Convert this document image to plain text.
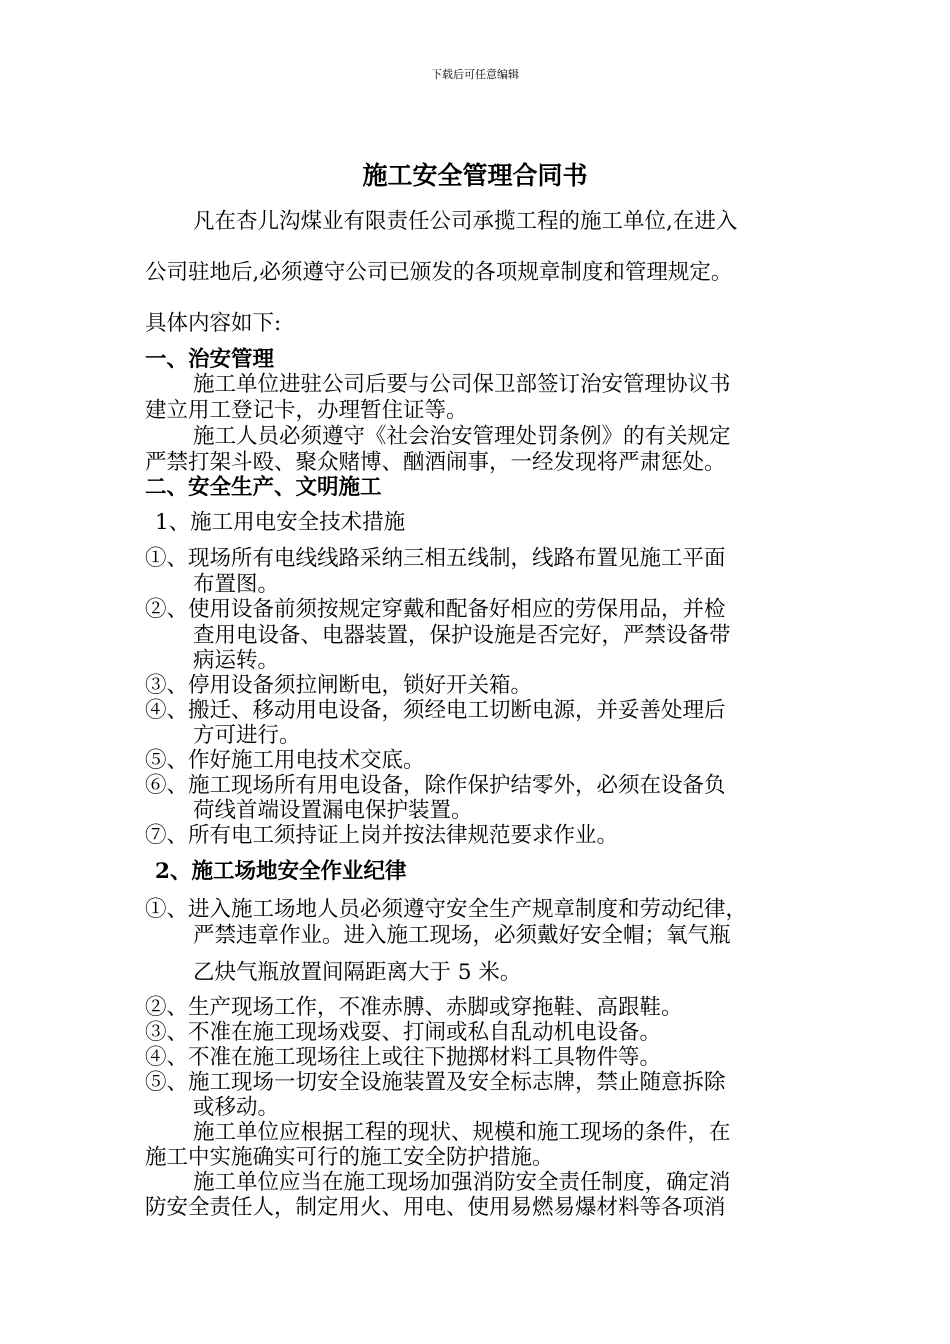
下载后可任意编辑
施工安全管理合同书
凡在杏儿沟煤业有限责任公司承揽工程的施工单位,在进入
公司驻地后,必须遵守公司已颁发的各项规章制度和管理规定。
具体内容如下:
一、治安管理
施工单位进驻公司后要与公司保卫部签订治安管理协议书
建立用工登记卡，办理暂住证等。
施工人员必须遵守《社会治安管理处罚条例》的有关规定
严禁打架斗殴、聚众赌博、酗酒闹事，一经发现将严肃惩处。
二、安全生产、文明施工
1、施工用电安全技术措施
①、现场所有电线线路采纳三相五线制，线路布置见施工平面
布置图。
②、使用设备前须按规定穿戴和配备好相应的劳保用品，并检
查用电设备、电器装置，保护设施是否完好，严禁设备带
病运转。
③、停用设备须拉闸断电，锁好开关箱。
④、搬迁、移动用电设备，须经电工切断电源，并妥善处理后
方可进行。
⑤、作好施工用电技术交底。
⑥、施工现场所有用电设备，除作保护结零外，必须在设备负
荷线首端设置漏电保护装置。
⑦、所有电工须持证上岗并按法律规范要求作业。
2、施工场地安全作业纪律
①、进入施工场地人员必须遵守安全生产规章制度和劳动纪律，
严禁违章作业。进入施工现场，必须戴好安全帽；氧气瓶
乙炔气瓶放置间隔距离大于 5 米。
②、生产现场工作，不准赤膊、赤脚或穿拖鞋、高跟鞋。
③、不准在施工现场戏耍、打闹或私自乱动机电设备。
④、不准在施工现场往上或往下抛掷材料工具物件等。
⑤、施工现场一切安全设施装置及安全标志牌，禁止随意拆除
或移动。
施工单位应根据工程的现状、规模和施工现场的条件，在
施工中实施确实可行的施工安全防护措施。
施工单位应当在施工现场加强消防安全责任制度，确定消
防安全责任人，制定用火、用电、使用易燃易爆材料等各项消
